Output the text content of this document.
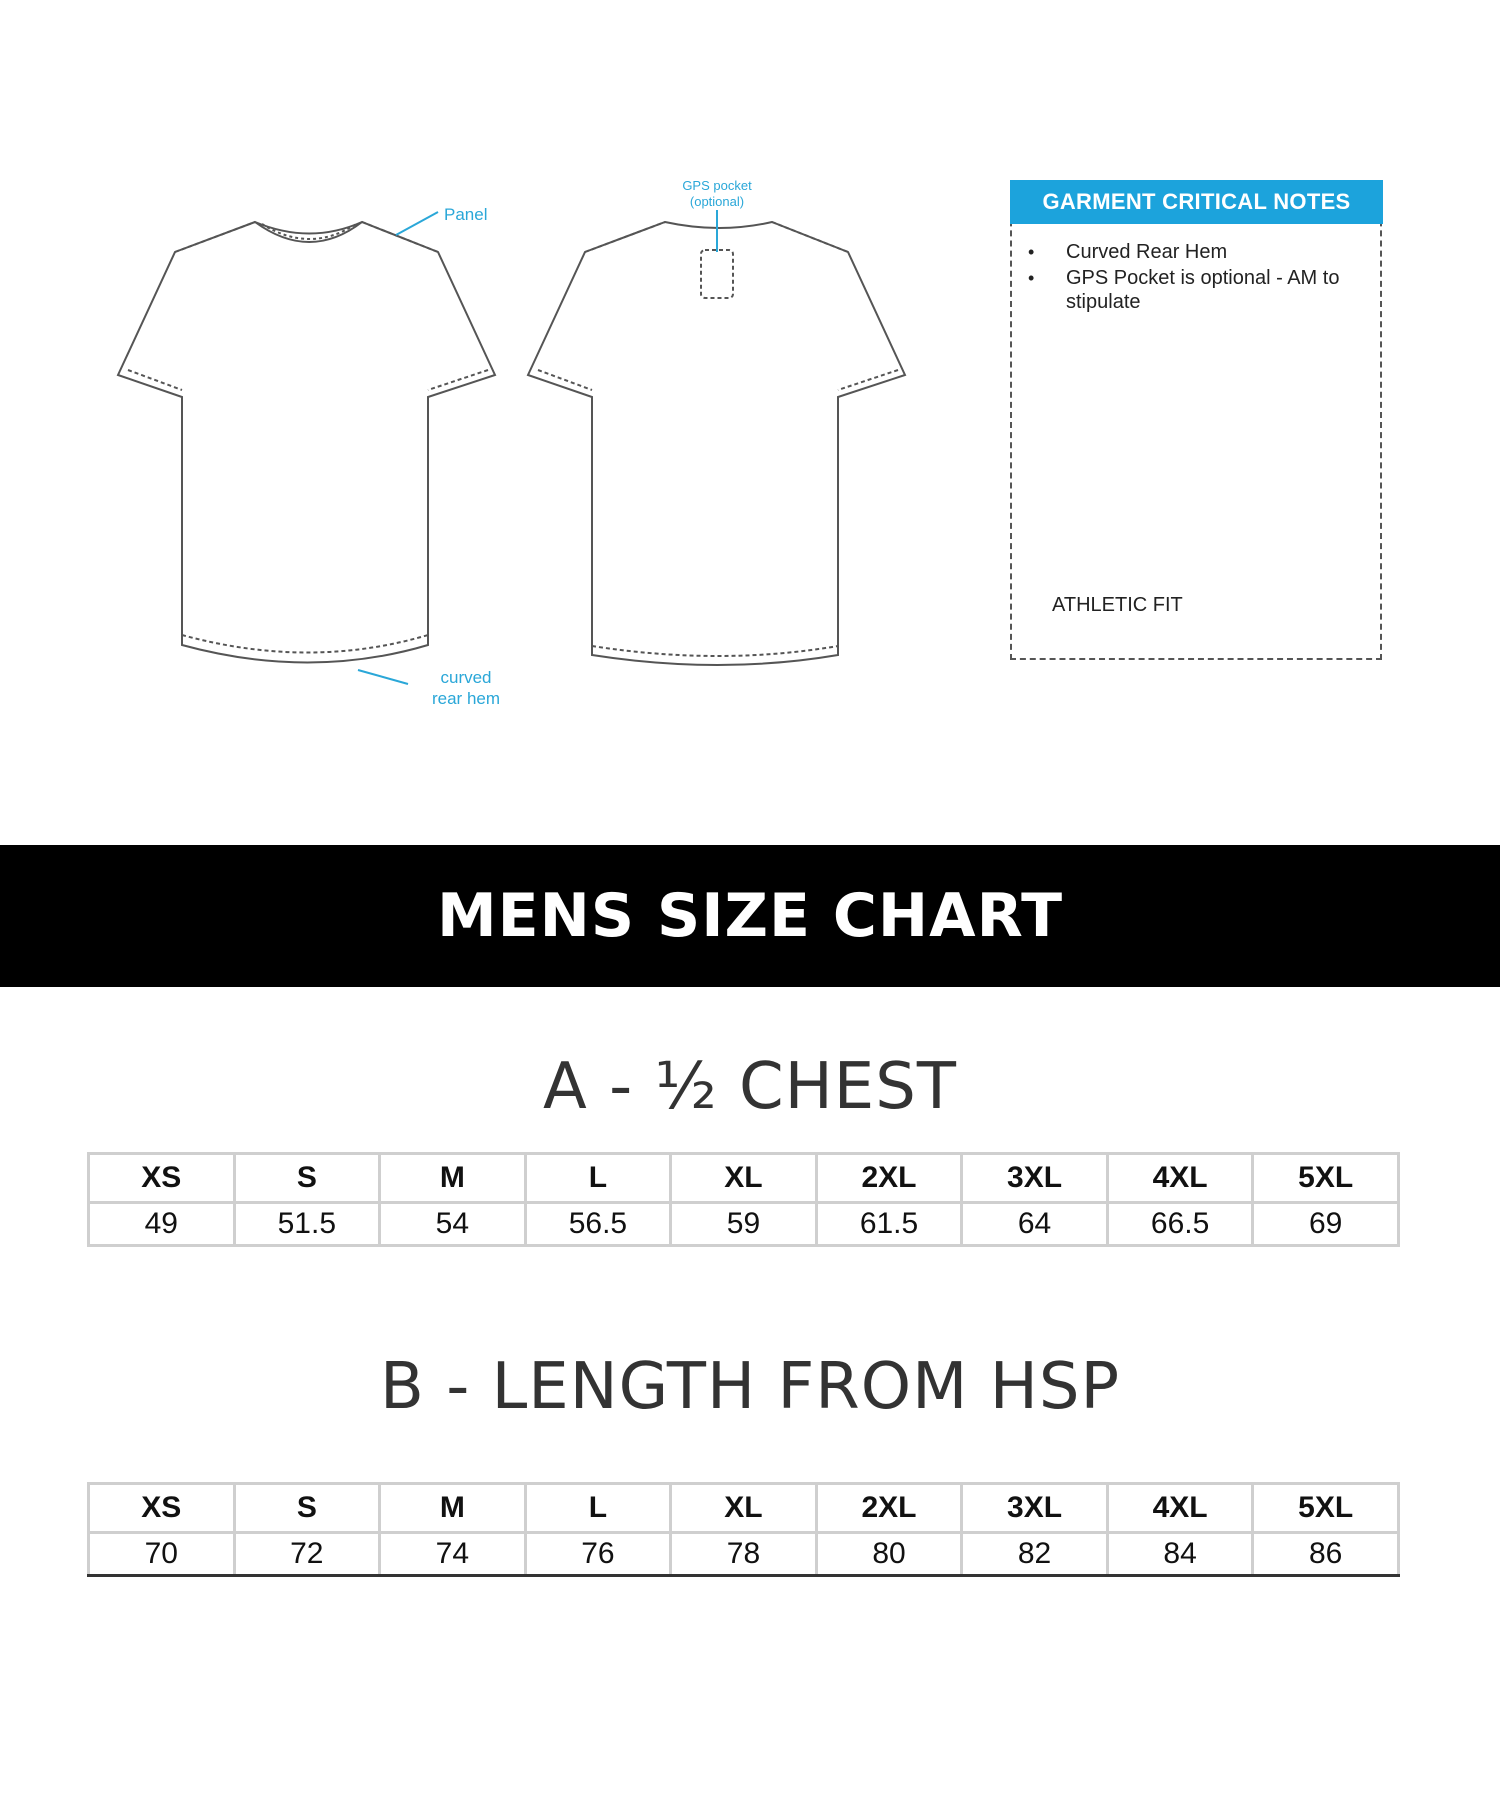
Panel
curved
rear hem
GPS pocket
(optional)	GARMENT CRITICAL NOTES
• Curved Rear Hem
• GPS Pocket is optional - AM to stipulate
ATHLETIC FIT
MENS SIZE CHART
A - ½ CHEST
XS	S	M	L	XL	2XL	3XL	4XL	5XL
49	51.5	54	56.5	59	61.5	64	66.5	69
B - LENGTH FROM HSP
XS	S	M	L	XL	2XL	3XL	4XL	5XL
70	72	74	76	78	80	82	84	86
